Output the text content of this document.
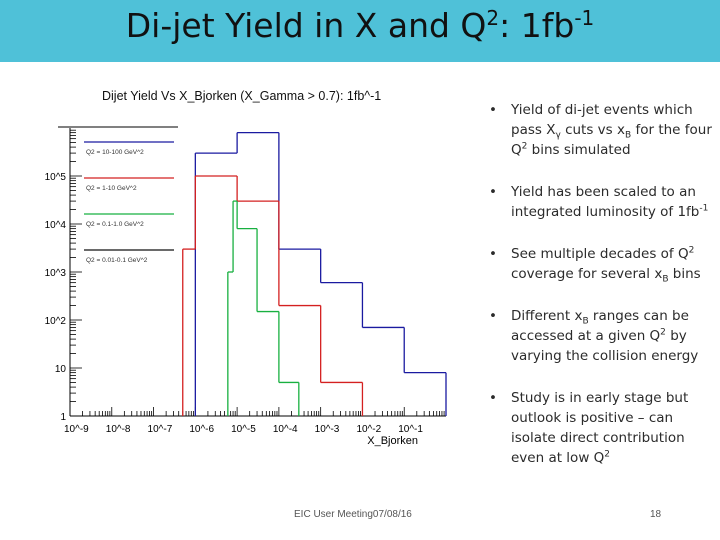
Di-jet Yield in X and $Q^2$: $1fb^{-1}$
Dijet Yield Vs X_Bjorken (X_Gamma > 0.7): 1fb^-1
10^-9 10^-8 10^-7 10^-6 10^-5 10^-4 10^-3 10^-2 10^-1
1
10
10^2
10^3
10^4
10^5
X_Bjorken
Q2 = 10-100 GeV^2
Q2 = 1-10 GeV^2
Q2 = 0.1-1.0 GeV^2
Q2 = 0.01-0.1 GeV^2
• Yield of di-jet events which pass $X_\gamma$ cuts vs $x_B$ for the four $Q^2$ bins simulated
• Yield has been scaled to an integrated luminosity of $1fb^{-1}$
• See multiple decades of $Q^2$ coverage for several $x_B$ bins
• Different $x_B$ ranges can be accessed at a given $Q^2$ by varying the collision energy
• Study is in early stage but outlook is positive – can isolate direct contribution even at low $Q^2$
EIC User Meeting07/08/16	18
